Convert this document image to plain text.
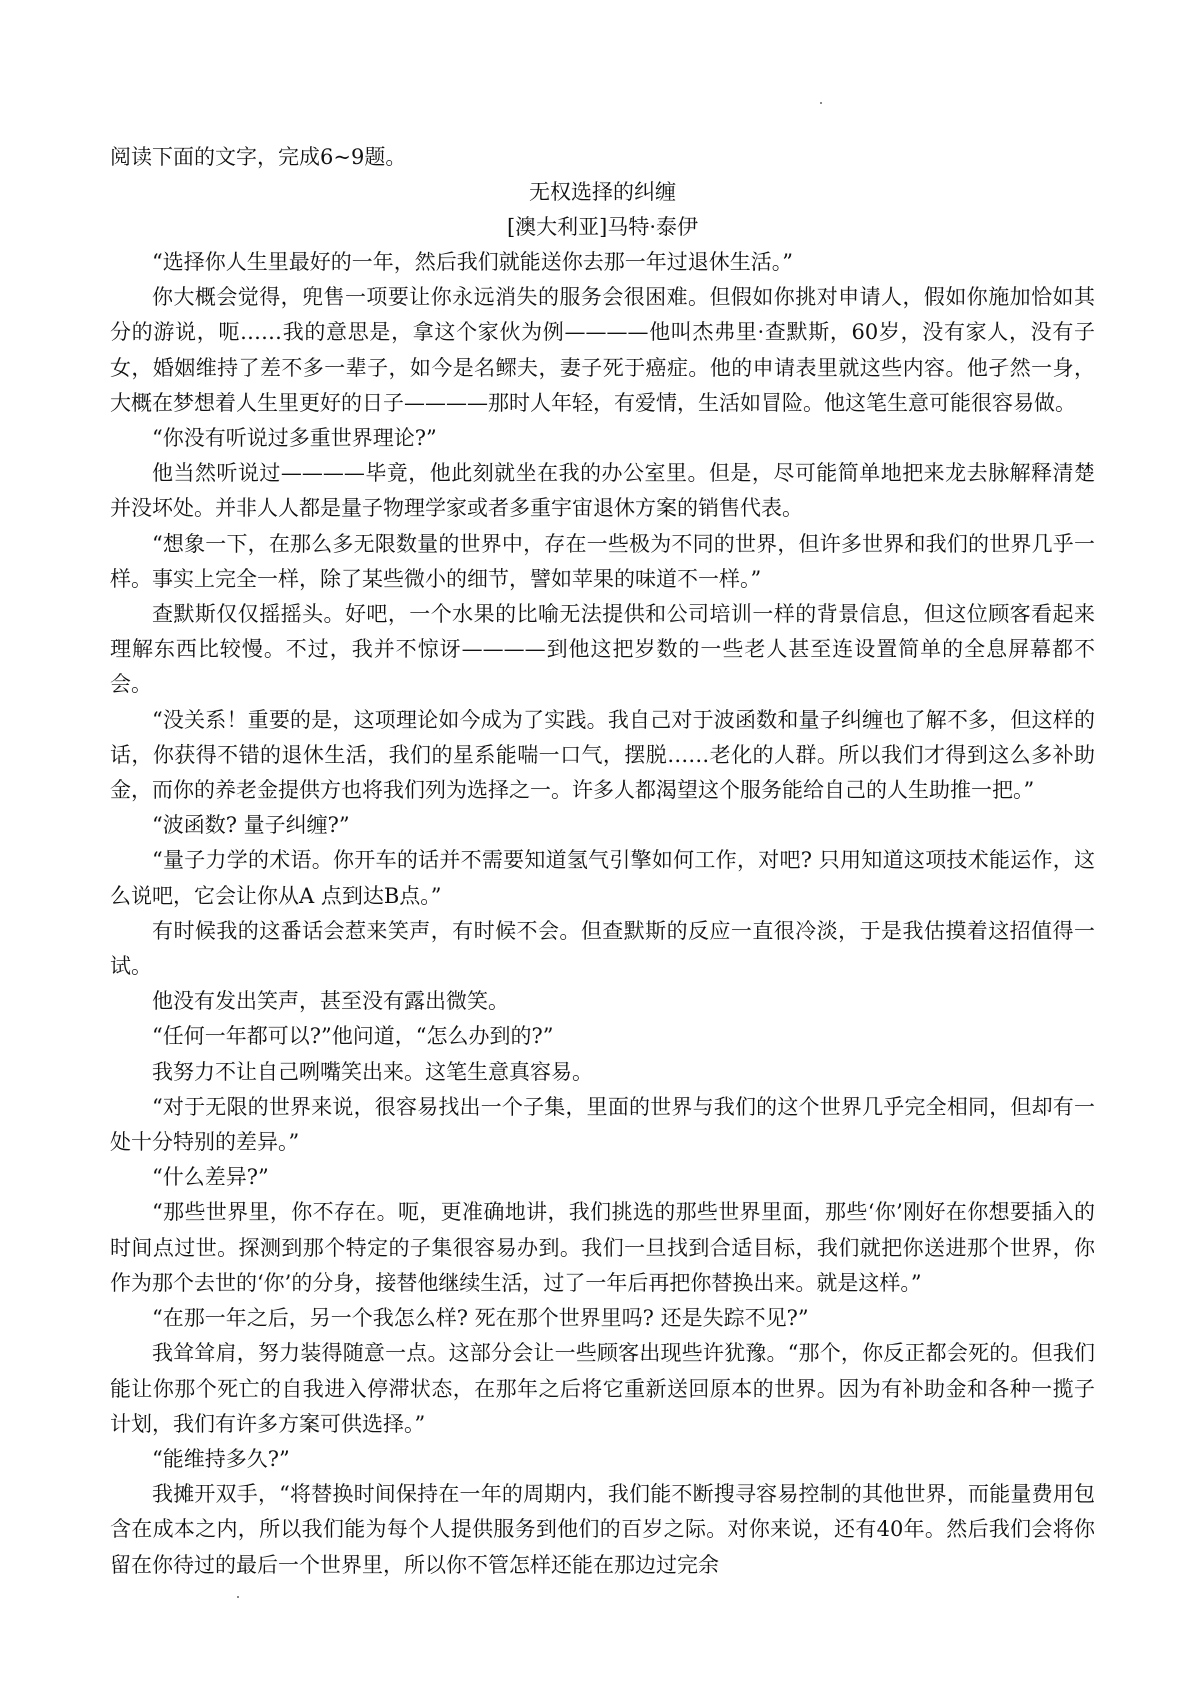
阅读下面的文字，完成6~9题。

无权选择的纠缠

[澳大利亚]马特·泰伊

“选择你人生里最好的一年，然后我们就能送你去那一年过退休生活。”

你大概会觉得，兜售一项要让你永远消失的服务会很困难。但假如你挑对申请人，假如你施加恰如其分的游说，呃……我的意思是，拿这个家伙为例————他叫杰弗里·查默斯，60岁，没有家人，没有子女，婚姻维持了差不多一辈子，如今是名鳏夫，妻子死于癌症。他的申请表里就这些内容。他孑然一身，大概在梦想着人生里更好的日子————那时人年轻，有爱情，生活如冒险。他这笔生意可能很容易做。

“你没有听说过多重世界理论?”

他当然听说过————毕竟，他此刻就坐在我的办公室里。但是，尽可能简单地把来龙去脉解释清楚并没坏处。并非人人都是量子物理学家或者多重宇宙退休方案的销售代表。

“想象一下，在那么多无限数量的世界中，存在一些极为不同的世界，但许多世界和我们的世界几乎一样。事实上完全一样，除了某些微小的细节，譬如苹果的味道不一样。”

查默斯仅仅摇摇头。好吧，一个水果的比喻无法提供和公司培训一样的背景信息，但这位顾客看起来理解东西比较慢。不过，我并不惊讶————到他这把岁数的一些老人甚至连设置简单的全息屏幕都不会。

“没关系！重要的是，这项理论如今成为了实践。我自己对于波函数和量子纠缠也了解不多，但这样的话，你获得不错的退休生活，我们的星系能喘一口气，摆脱……老化的人群。所以我们才得到这么多补助金，而你的养老金提供方也将我们列为选择之一。许多人都渴望这个服务能给自己的人生助推一把。”

“波函数? 量子纠缠?”

“量子力学的术语。你开车的话并不需要知道氢气引擎如何工作，对吧? 只用知道这项技术能运作，这么说吧，它会让你从A 点到达B点。”

有时候我的这番话会惹来笑声，有时候不会。但查默斯的反应一直很冷淡，于是我估摸着这招值得一试。

他没有发出笑声，甚至没有露出微笑。

“任何一年都可以?”他问道，“怎么办到的?”

我努力不让自己咧嘴笑出来。这笔生意真容易。

“对于无限的世界来说，很容易找出一个子集，里面的世界与我们的这个世界几乎完全相同，但却有一处十分特别的差异。”

“什么差异?”

“那些世界里，你不存在。呃，更准确地讲，我们挑选的那些世界里面，那些‘你’刚好在你想要插入的时间点过世。探测到那个特定的子集很容易办到。我们一旦找到合适目标，我们就把你送进那个世界，你作为那个去世的‘你’的分身，接替他继续生活，过了一年后再把你替换出来。就是这样。”

“在那一年之后，另一个我怎么样? 死在那个世界里吗? 还是失踪不见?”

我耸耸肩，努力装得随意一点。这部分会让一些顾客出现些许犹豫。“那个，你反正都会死的。但我们能让你那个死亡的自我进入停滞状态，在那年之后将它重新送回原本的世界。因为有补助金和各种一揽子计划，我们有许多方案可供选择。”

“能维持多久?”

我摊开双手，“将替换时间保持在一年的周期内，我们能不断搜寻容易控制的其他世界，而能量费用包含在成本之内，所以我们能为每个人提供服务到他们的百岁之际。对你来说，还有40年。然后我们会将你留在你待过的最后一个世界里，所以你不管怎样还能在那边过完余
